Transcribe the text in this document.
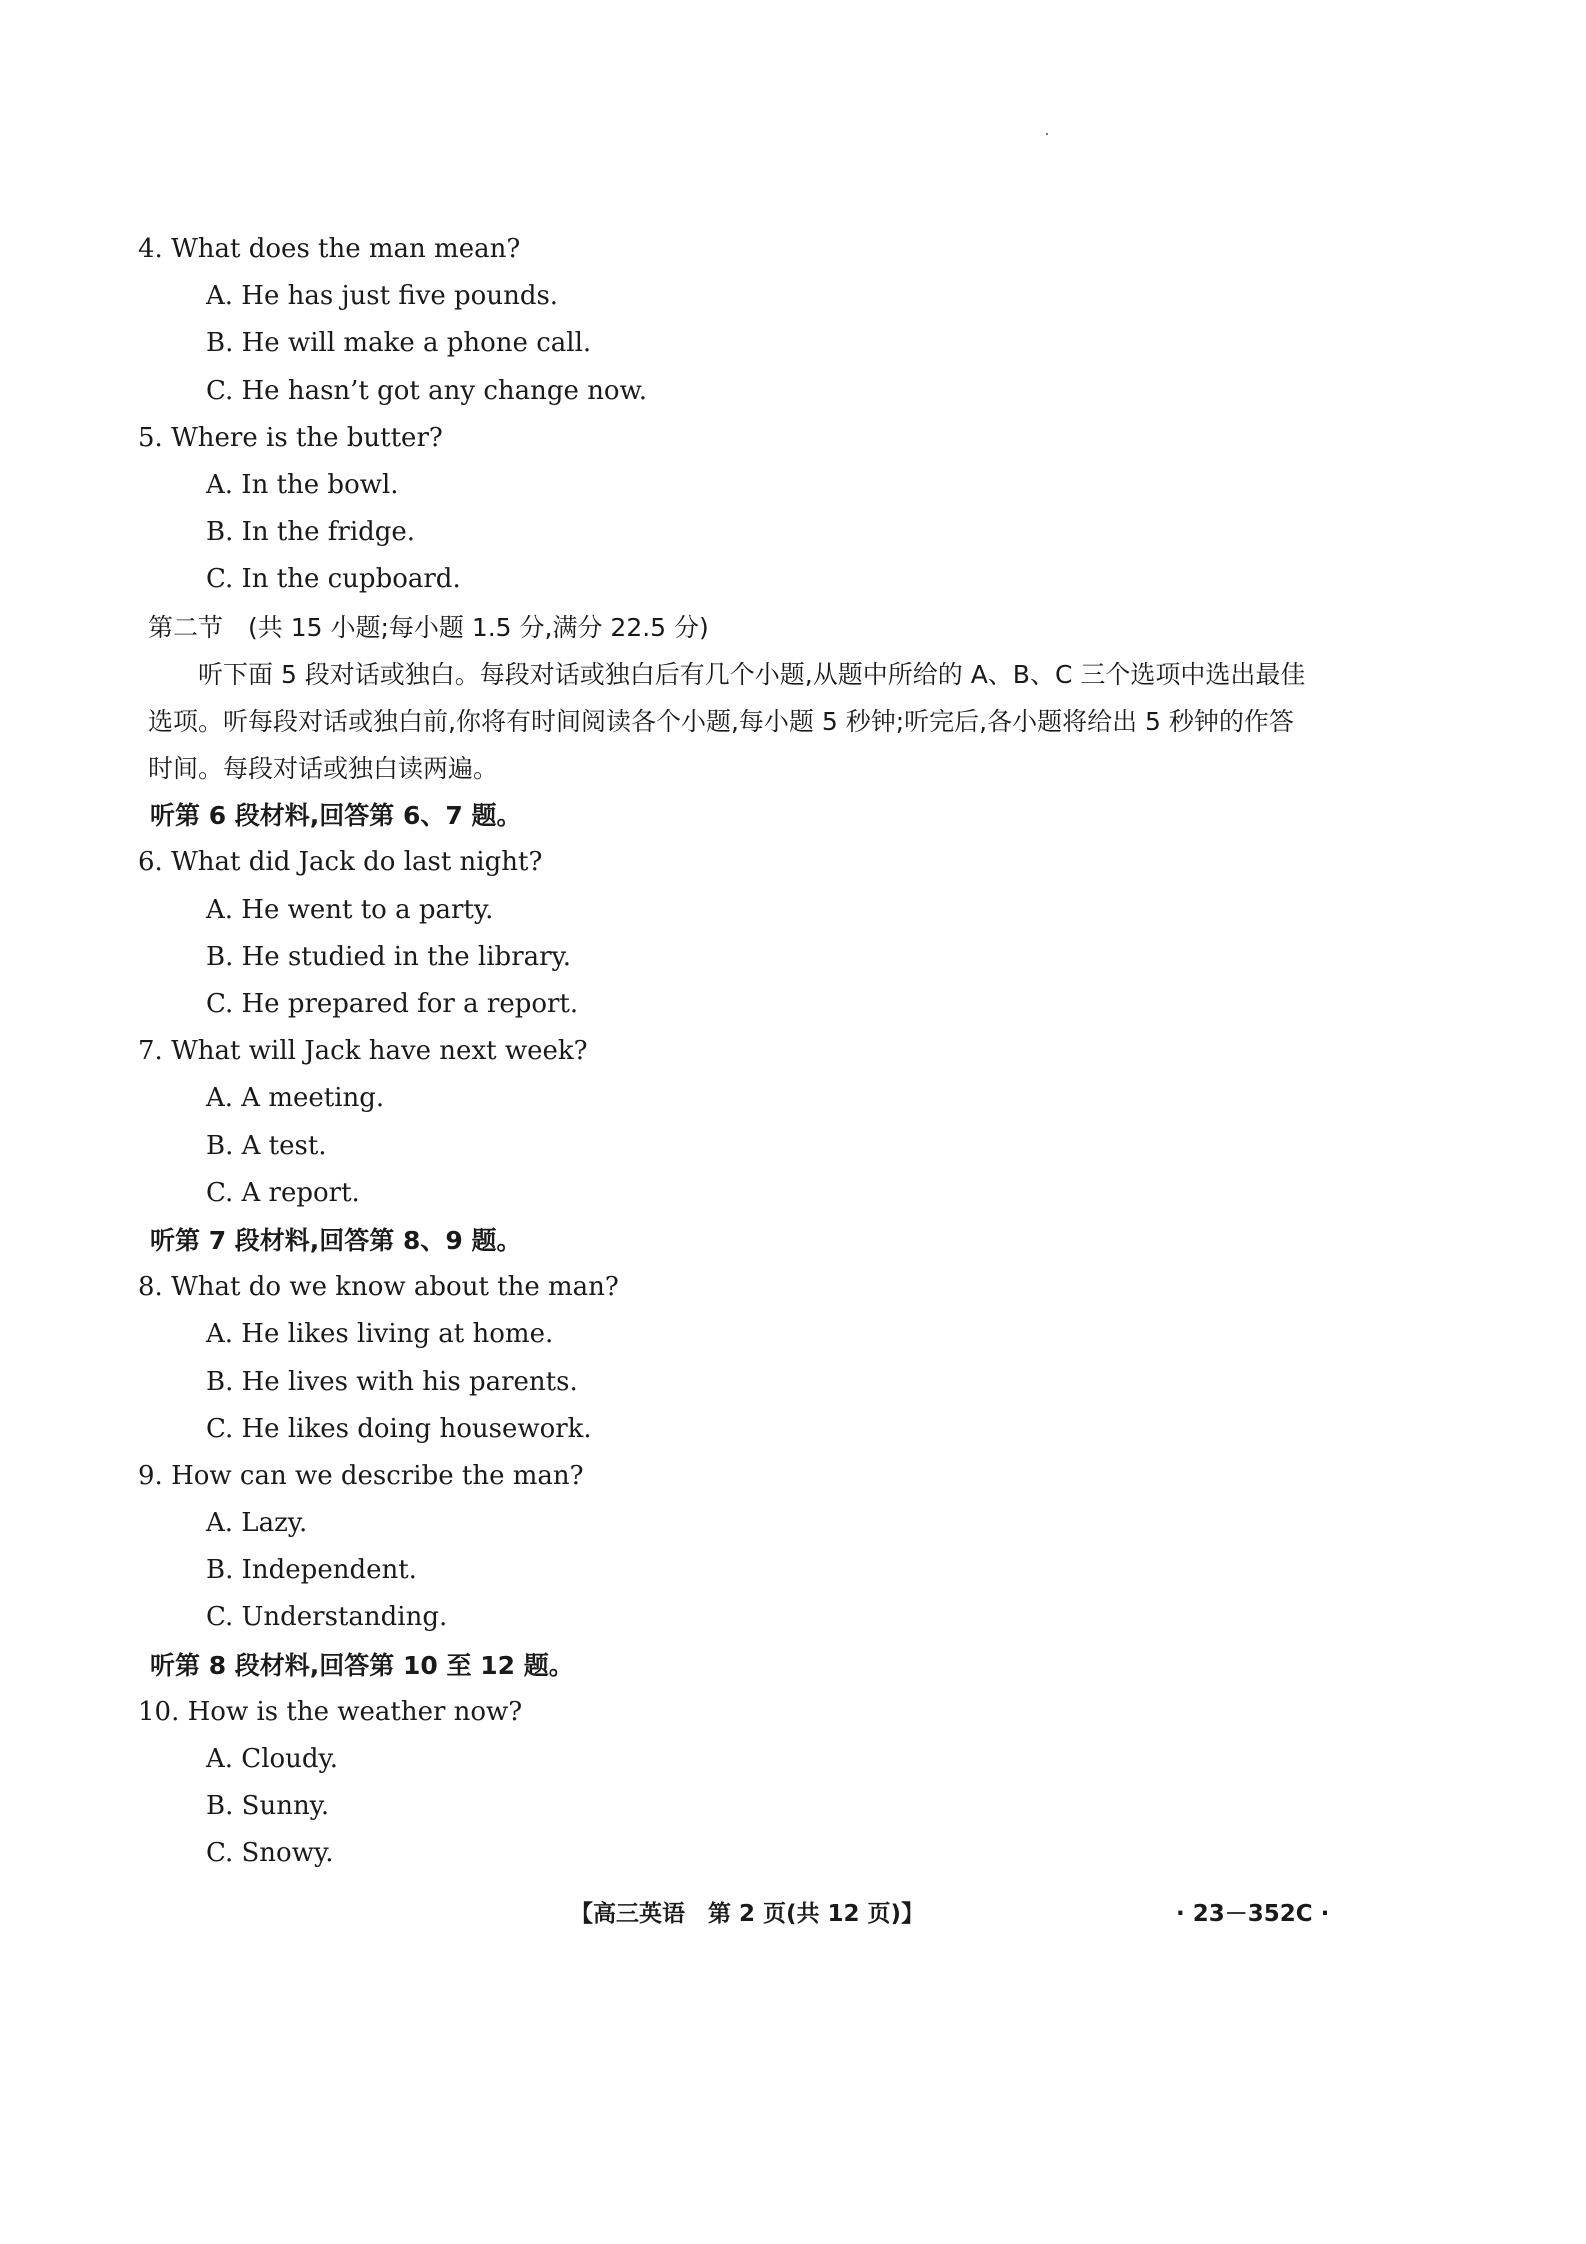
4. What does the man mean?
A. He has just five pounds.
B. He will make a phone call.
C. He hasn’t got any change now.
5. Where is the butter?
A. In the bowl.
B. In the fridge.
C. In the cupboard.
第二节　(共 15 小题;每小题 1.5 分,满分 22.5 分)
听下面 5 段对话或独白。每段对话或独白后有几个小题,从题中所给的 A、B、C 三个选项中选出最佳选项。听每段对话或独白前,你将有时间阅读各个小题,每小题 5 秒钟;听完后,各小题将给出 5 秒钟的作答时间。每段对话或独白读两遍。
听第 6 段材料,回答第 6、7 题。
6. What did Jack do last night?
A. He went to a party.
B. He studied in the library.
C. He prepared for a report.
7. What will Jack have next week?
A. A meeting.
B. A test.
C. A report.
听第 7 段材料,回答第 8、9 题。
8. What do we know about the man?
A. He likes living at home.
B. He lives with his parents.
C. He likes doing housework.
9. How can we describe the man?
A. Lazy.
B. Independent.
C. Understanding.
听第 8 段材料,回答第 10 至 12 题。
10. How is the weather now?
A. Cloudy.
B. Sunny.
C. Snowy.
【高三英语　第 2 页(共 12 页)】	· 23－352C ·
